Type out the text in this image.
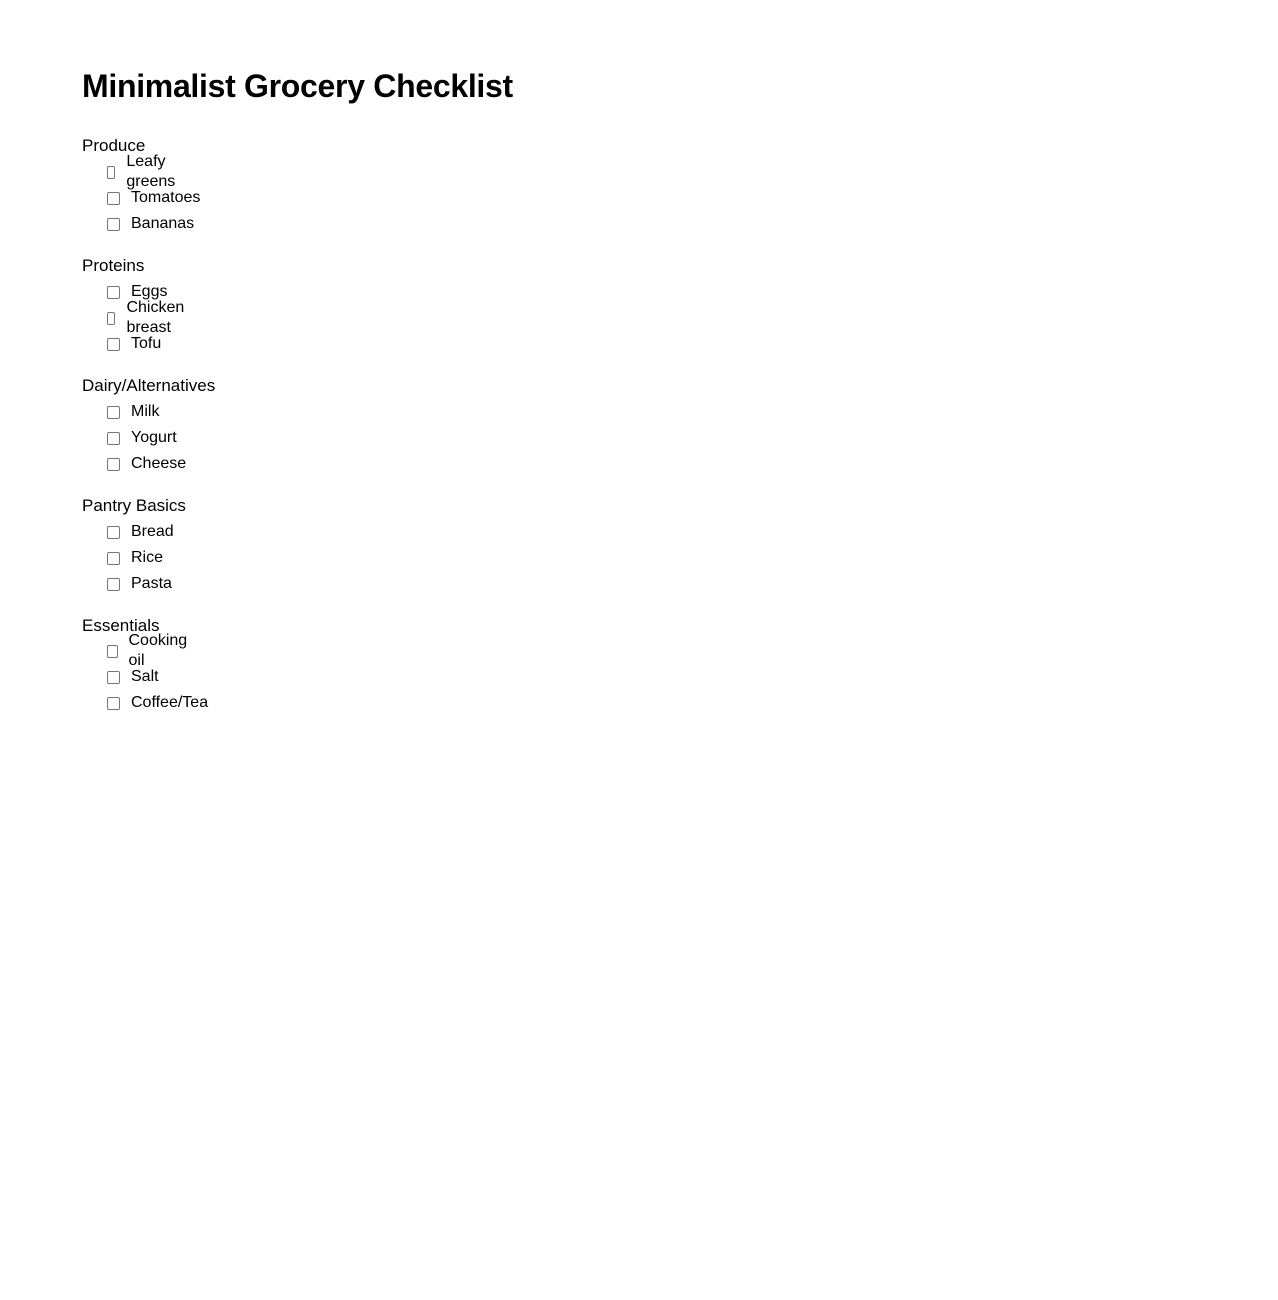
Minimalist Grocery Checklist
Produce
Leafy greens
Tomatoes
Bananas
Proteins
Eggs
Chicken breast
Tofu
Dairy/Alternatives
Milk
Yogurt
Cheese
Pantry Basics
Bread
Rice
Pasta
Essentials
Cooking oil
Salt
Coffee/Tea
